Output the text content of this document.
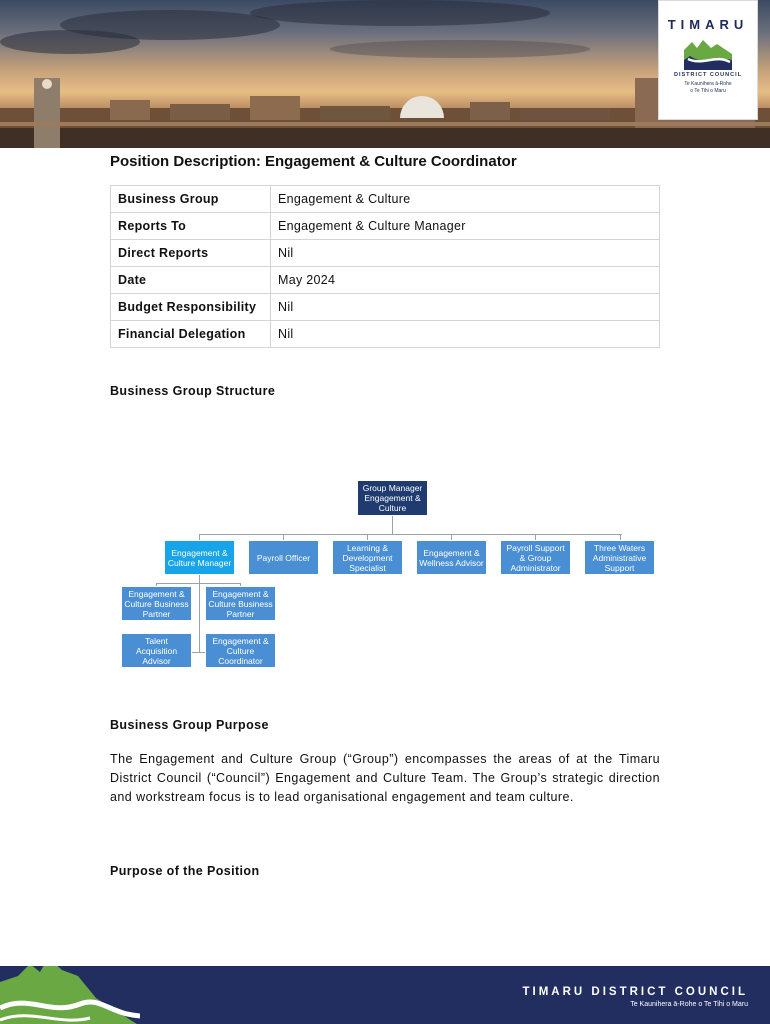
TIMARU
DISTRICT COUNCIL
Te Kaunihera ā-Rohe
o Te Tihi o Maru
Position Description: Engagement & Culture Coordinator
Business Group	Engagement & Culture
Reports To	Engagement & Culture Manager
Direct Reports	Nil
Date	May 2024
Budget Responsibility	Nil
Financial Delegation	Nil
Business Group Structure
Group Manager Engagement & Culture
Engagement & Culture Manager	Payroll Officer
Learning & Development Specialist
Engagement & Wellness Advisor
Payroll Support & Group Administrator
Three Waters Administrative Support
Engagement & Culture Business Partner
Engagement & Culture Business Partner
Talent Acquisition Advisor
Engagement & Culture Coordinator
Business Group Purpose
The Engagement and Culture Group (“Group”) encompasses the areas of at the Timaru District Council (“Council”) Engagement and Culture Team. The Group’s strategic direction and workstream focus is to lead organisational engagement and team culture.
Purpose of the Position
TIMARU DISTRICT COUNCIL
Te Kaunihera ā-Rohe o Te Tihi o Maru
